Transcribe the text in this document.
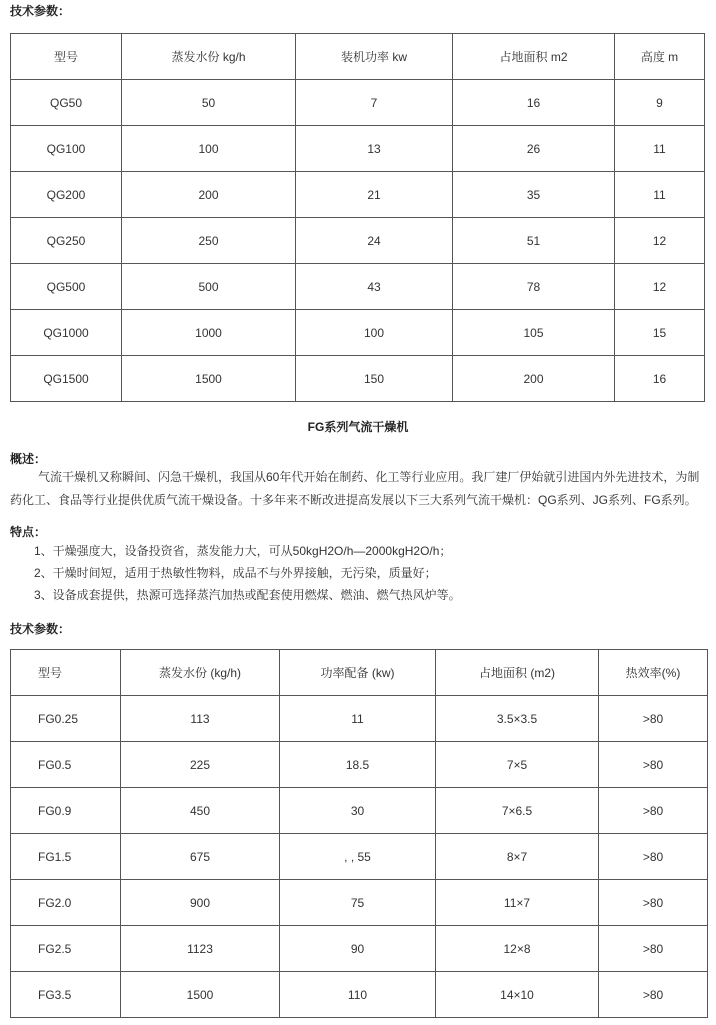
技术参数：
型号	蒸发水份 kg/h	装机功率 kw	占地面积 m2	高度 m
QG50	50	7	16	9
QG100	100	13	26	11
QG200	200	21	35	11
QG250	250	24	51	12
QG500	500	43	78	12
QG1000	1000	100	105	15
QG1500	1500	150	200	16
FG系列气流干燥机
概述：
气流干燥机又称瞬间、闪急干燥机，我国从60年代开始在制药、化工等行业应用。我厂建厂伊始就引进国内外先进技术，为制
药化工、食品等行业提供优质气流干燥设备。十多年来不断改进提高发展以下三大系列气流干燥机：QG系列、JG系列、FG系列。
特点：
1、干燥强度大，设备投资省，蒸发能力大，可从50kgH2O/h—2000kgH2O/h；
2、干燥时间短，适用于热敏性物料，成品不与外界接触，无污染，质量好；
3、设备成套提供，热源可选择蒸汽加热或配套使用燃煤、燃油、燃气热风炉等。
技术参数：
型号	蒸发水份 (kg/h)	功率配备 (kw)	占地面积 (m2)	热效率(%)
FG0.25	113	11	3.5×3.5	>80
FG0.5	225	18.5	7×5	>80
FG0.9	450	30	7×6.5	>80
FG1.5	675	, , 55	8×7	>80
FG2.0	900	75	11×7	>80
FG2.5	1123	90	12×8	>80
FG3.5	1500	110	14×10	>80
